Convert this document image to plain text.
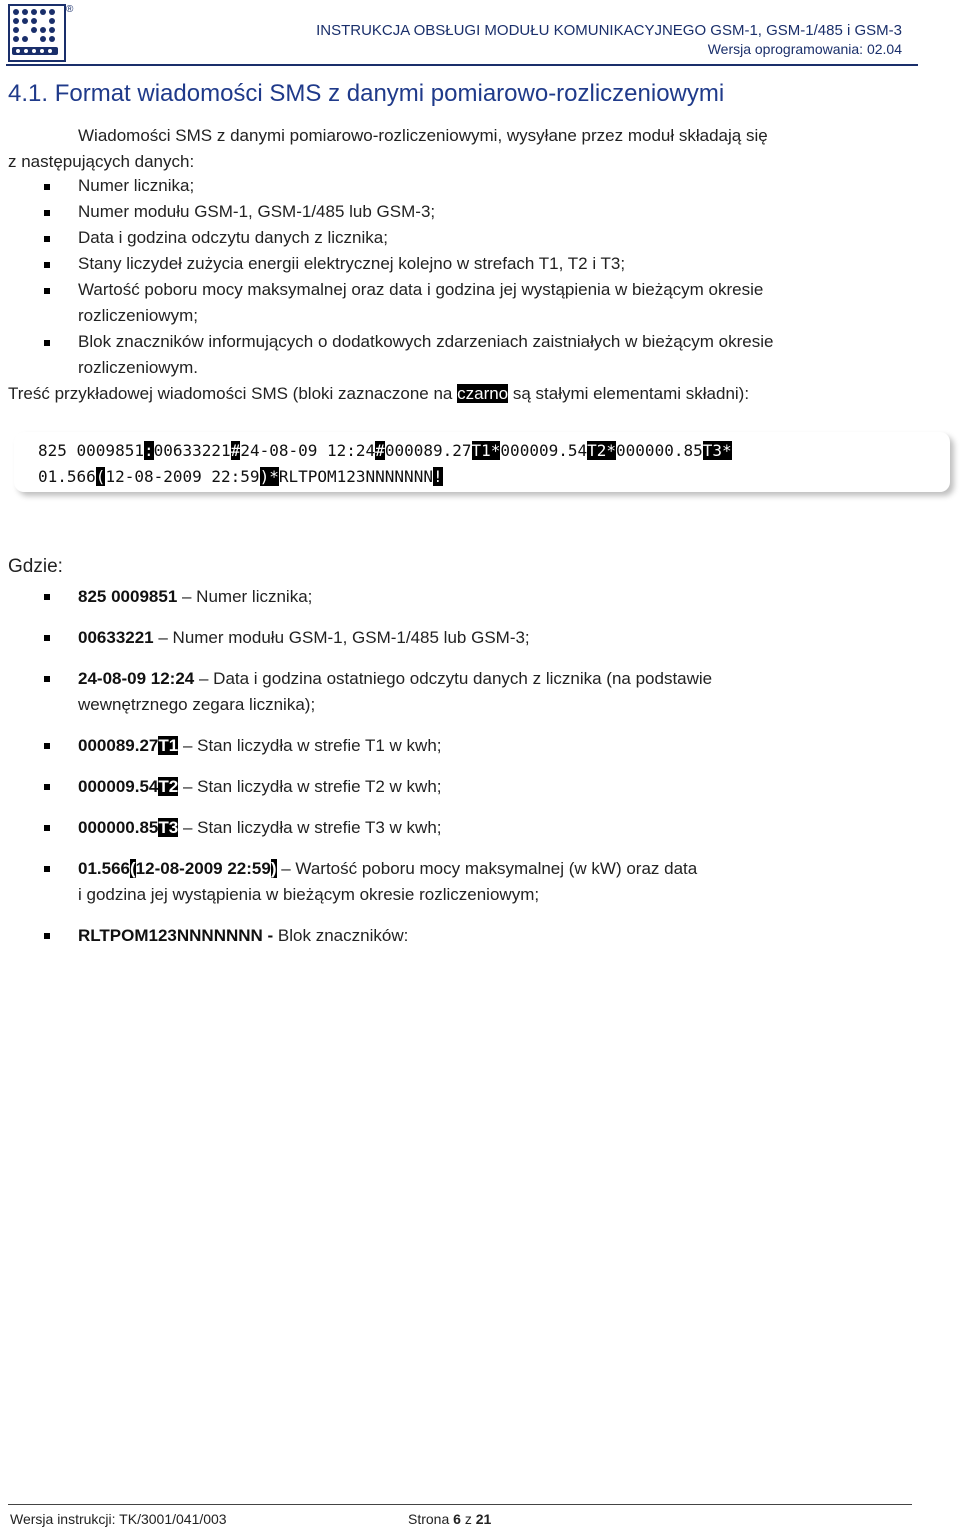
®
INSTRUKCJA OBSŁUGI MODUŁU KOMUNIKACYJNEGO GSM-1, GSM-1/485 i GSM-3
Wersja oprogramowania: 02.04
4.1. Format wiadomości SMS z danymi pomiarowo-rozliczeniowymi
Wiadomości SMS z danymi pomiarowo-rozliczeniowymi, wysyłane przez moduł składają się
z następujących danych:
Numer licznika;
Numer modułu GSM-1, GSM-1/485 lub GSM-3;
Data i godzina odczytu danych z licznika;
Stany liczydeł zużycia energii elektrycznej kolejno w strefach T1, T2 i T3;
Wartość poboru mocy maksymalnej oraz data i godzina jej wystąpienia w bieżącym okresie
rozliczeniowym;
Blok znaczników informujących o dodatkowych zdarzeniach zaistniałych w bieżącym okresie
rozliczeniowym.
Treść przykładowej wiadomości SMS (bloki zaznaczone na czarno są stałymi elementami składni):
825 0009851:00633221#24-08-09 12:24#000089.27T1*000009.54T2*000000.85T3*
01.566(12-08-2009 22:59)*RLTPOM123NNNNNNN!
Gdzie:
825 0009851 – Numer licznika;
00633221 – Numer modułu GSM-1, GSM-1/485 lub GSM-3;
24-08-09 12:24 – Data i godzina ostatniego odczytu danych z licznika (na podstawie
wewnętrznego zegara licznika);
000089.27T1 – Stan liczydła w strefie T1 w kwh;
000009.54T2 – Stan liczydła w strefie T2 w kwh;
000000.85T3 – Stan liczydła w strefie T3 w kwh;
01.566(12-08-2009 22:59) – Wartość poboru mocy maksymalnej (w kW) oraz data
i godzina jej wystąpienia w bieżącym okresie rozliczeniowym;
RLTPOM123NNNNNNN - Blok znaczników:
Wersja instrukcji: TK/3001/041/003	Strona 6 z 21
